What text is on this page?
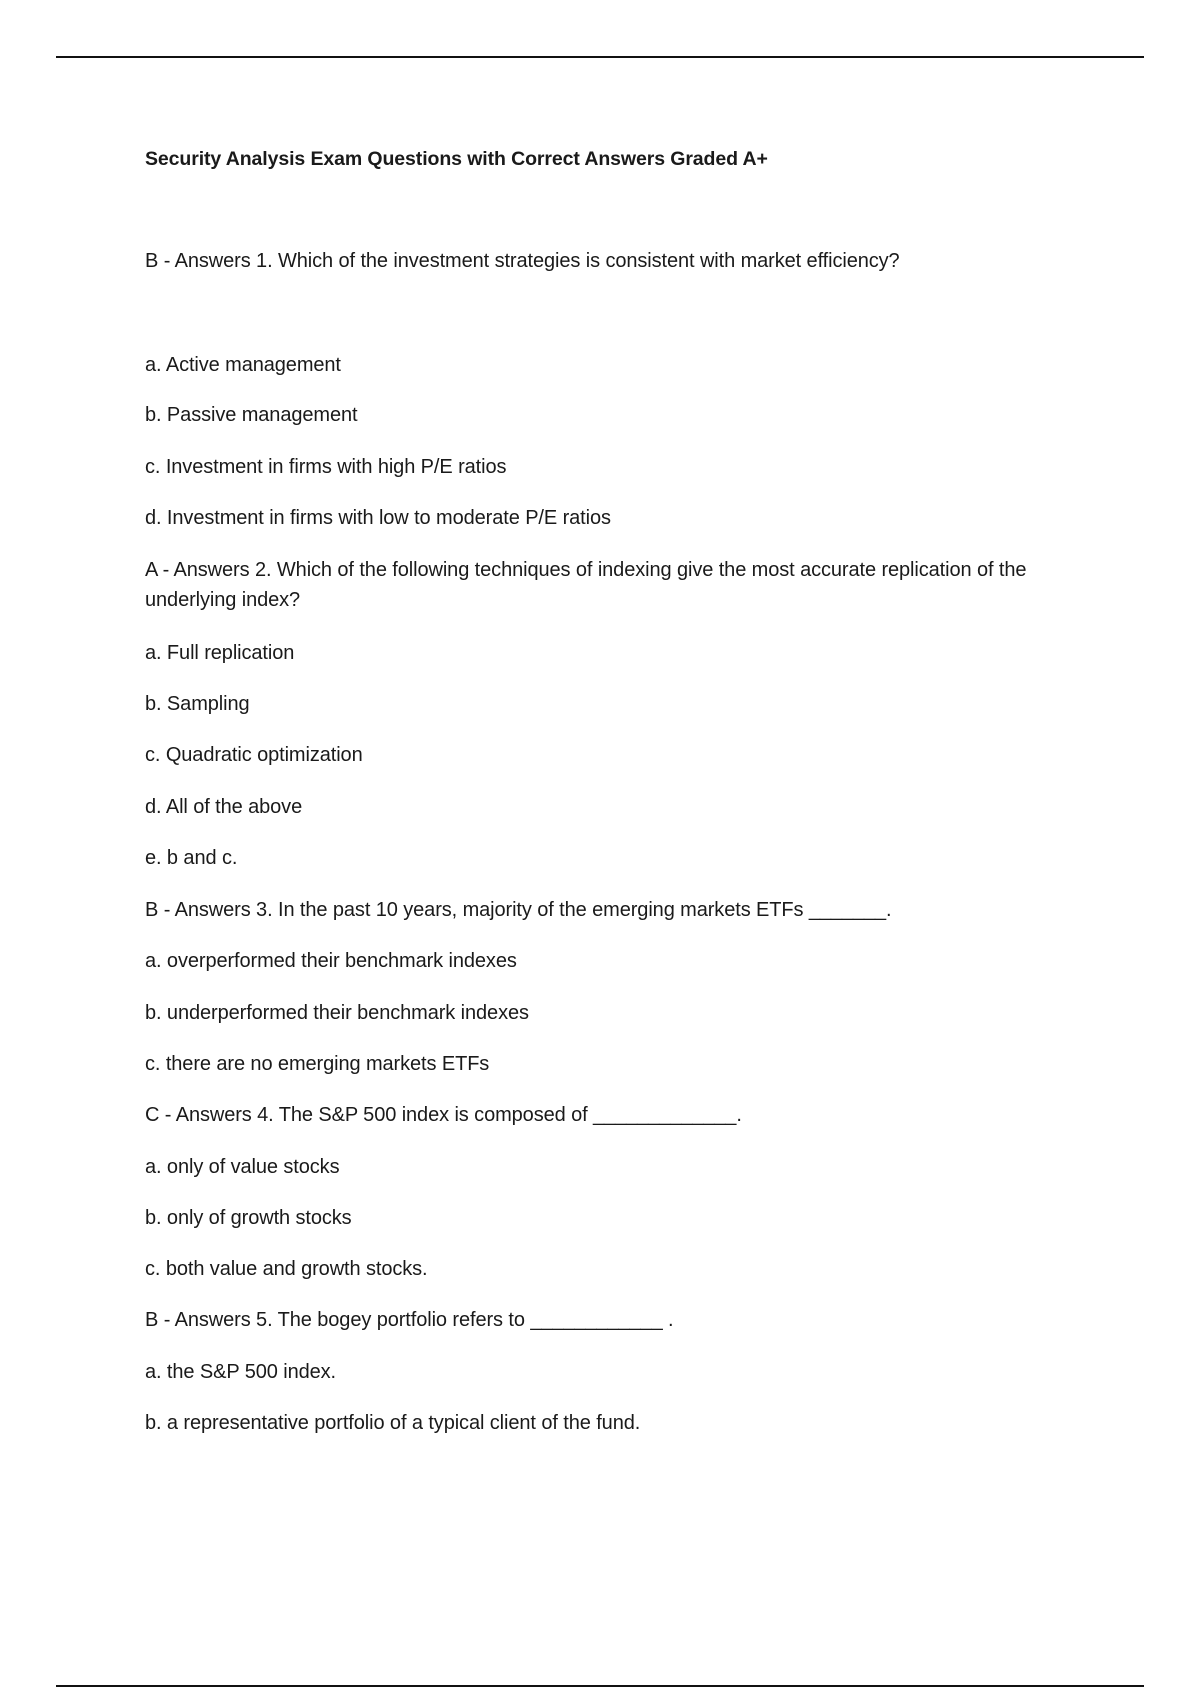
Security Analysis Exam Questions with Correct Answers Graded A+
B - Answers 1. Which of the investment strategies is consistent with market efficiency?
a. Active management
b. Passive management
c. Investment in firms with high P/E ratios
d. Investment in firms with low to moderate P/E ratios
A - Answers 2. Which of the following techniques of indexing give the most accurate replication of the underlying index?
a. Full replication
b. Sampling
c. Quadratic optimization
d. All of the above
e. b and c.
B - Answers 3. In the past 10 years, majority of the emerging markets ETFs _______.
a. overperformed their benchmark indexes
b. underperformed their benchmark indexes
c. there are no emerging markets ETFs
C - Answers 4. The S&P 500 index is composed of _____________.
a. only of value stocks
b. only of growth stocks
c. both value and growth stocks.
B - Answers 5. The bogey portfolio refers to ____________ .
a. the S&P 500 index.
b. a representative portfolio of a typical client of the fund.
